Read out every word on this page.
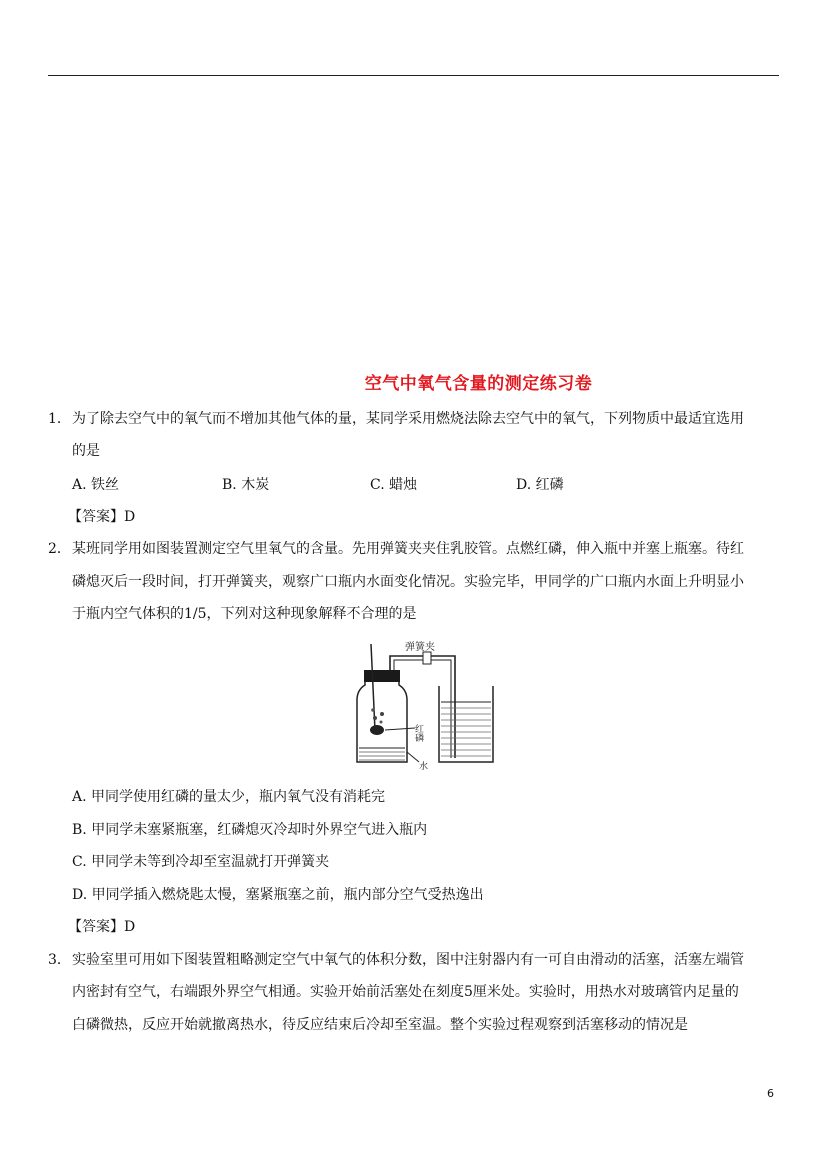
空气中氧气含量的测定练习卷
1． 为了除去空气中的氧气而不增加其他气体的量，某同学采用燃烧法除去空气中的氧气，下列物质中最适宜选用
的是
A. 铁丝	B. 木炭	C. 蜡烛	D. 红磷
【答案】D
2． 某班同学用如图装置测定空气里氧气的含量。先用弹簧夹夹住乳胶管。点燃红磷，伸入瓶中并塞上瓶塞。待红
磷熄灭后一段时间，打开弹簧夹，观察广口瓶内水面变化情况。实验完毕，甲同学的广口瓶内水面上升明显小
于瓶内空气体积的1/5，下列对这种现象解释不合理的是
红磷
弹簧夹
水
A. 甲同学使用红磷的量太少，瓶内氧气没有消耗完
B. 甲同学未塞紧瓶塞，红磷熄灭冷却时外界空气进入瓶内
C. 甲同学未等到冷却至室温就打开弹簧夹
D. 甲同学插入燃烧匙太慢，塞紧瓶塞之前，瓶内部分空气受热逸出
【答案】D
3． 实验室里可用如下图装置粗略测定空气中氧气的体积分数，图中注射器内有一可自由滑动的活塞，活塞左端管
内密封有空气，右端跟外界空气相通。实验开始前活塞处在刻度5厘米处。实验时，用热水对玻璃管内足量的
白磷微热，反应开始就撤离热水，待反应结束后冷却至室温。整个实验过程观察到活塞移动的情况是
6
